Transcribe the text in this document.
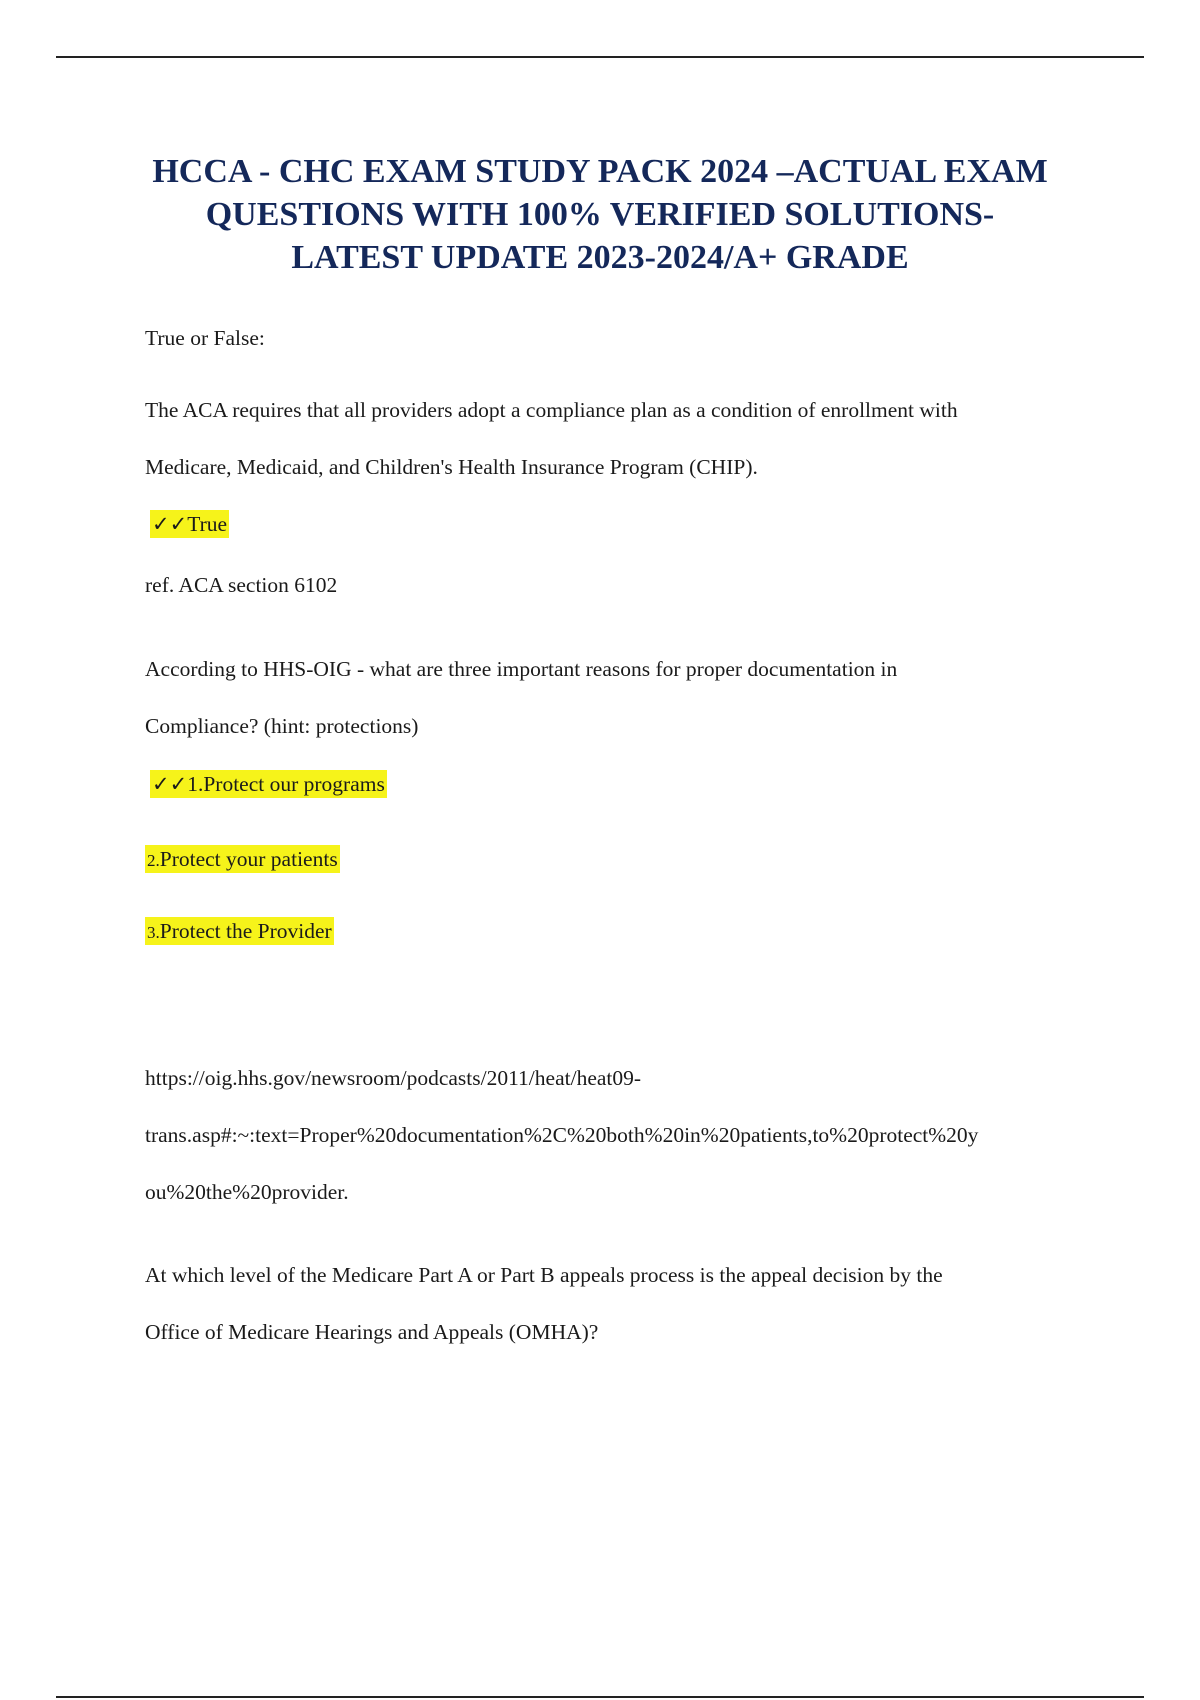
HCCA - CHC EXAM STUDY PACK 2024 –ACTUAL EXAM
QUESTIONS WITH 100% VERIFIED SOLUTIONS-
LATEST UPDATE 2023-2024/A+ GRADE

True or False:

The ACA requires that all providers adopt a compliance plan as a condition of enrollment with

Medicare, Medicaid, and Children's Health Insurance Program (CHIP).

✓✓True

ref. ACA section 6102

According to HHS-OIG - what are three important reasons for proper documentation in

Compliance? (hint: protections)

✓✓1.Protect our programs

2.Protect your patients

3.Protect the Provider

https://oig.hhs.gov/newsroom/podcasts/2011/heat/heat09-

trans.asp#:~:text=Proper%20documentation%2C%20both%20in%20patients,to%20protect%20y

ou%20the%20provider.

At which level of the Medicare Part A or Part B appeals process is the appeal decision by the

Office of Medicare Hearings and Appeals (OMHA)?
